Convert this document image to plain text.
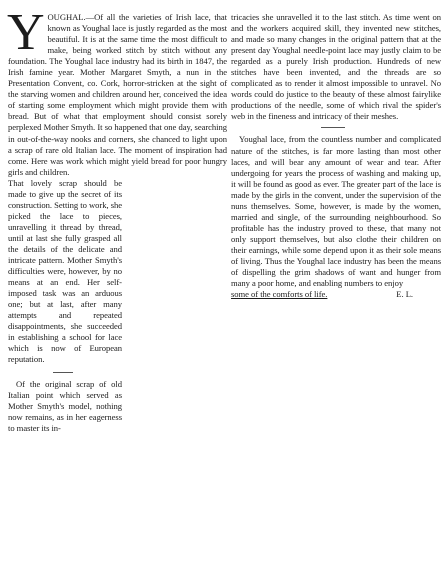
Y OUGHAL.—Of all the varieties of Irish lace, that known as Youghal lace is justly regarded as the most beautiful. It is at the same time the most difficult to make, being worked stitch by stitch without any foundation. The Youghal lace industry had its birth in 1847, the Irish famine year. Mother Margaret Smyth, a nun in the Presentation Convent, co. Cork, horror-stricken at the sight of the starving women and children around her, conceived the idea of starting some employment which might provide them with bread. But of what that employment should consist sorely perplexed Mother Smyth. It so happened that one day, searching in out-of-the-way nooks and corners, she chanced to light upon a scrap of rare old Italian lace. The moment of inspiration had come. Here was work which might yield bread for poor hungry girls and children.

That lovely scrap should be made to give up the secret of its construction. Setting to work, she picked the lace to pieces, unravelling it thread by thread, until at last she fully grasped all the details of the delicate and intricate pattern. Mother Smyth's difficulties were, however, by no means at an end. Her self-imposed task was an arduous one; but at last, after many attempts and repeated disappointments, she succeeded in establishing a school for lace which is now of European reputation.

Of the original scrap of old Italian point which served as Mother Smyth's model, nothing now remains, as in her eagerness to master its in-

tricacies she unravelled it to the last stitch. As time went on and the workers acquired skill, they invented new stitches, and made so many changes in the original pattern that at the present day Youghal needle-point lace may justly claim to be regarded as a purely Irish production. Hundreds of new stitches have been invented, and the threads are so complicated as to render it almost impossible to unravel. No words could do justice to the beauty of these almost fairylike productions of the needle, some of which rival the spider's web in the fineness and intricacy of their meshes.

Youghal lace, from the countless number and complicated nature of the stitches, is far more lasting than most other laces, and will bear any amount of wear and tear. After undergoing for years the process of washing and making up, it will be found as good as ever. The greater part of the lace is made by the girls in the convent, under the supervision of the nuns themselves. Some, however, is made by the women, married and single, of the surrounding neighbourhood. So profitable has the industry proved to these, that many not only support themselves, but also clothe their children on their earnings, while some depend upon it as their sole means of living. Thus the Youghal lace industry has been the means of dispelling the grim shadows of want and hunger from many a poor home, and enabling numbers to enjoy

some of the comforts of life.	E. L.
